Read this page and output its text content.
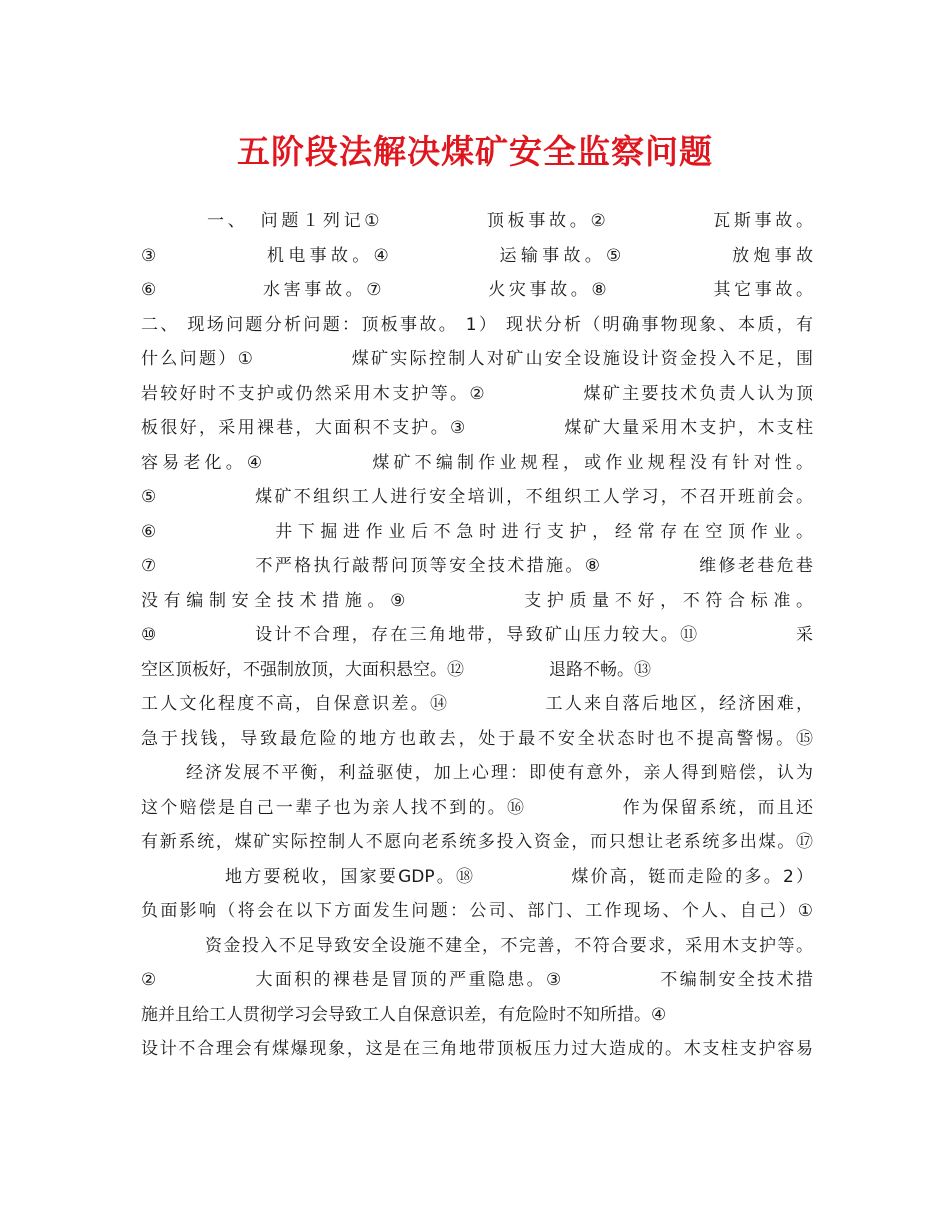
五阶段法解决煤矿安全监察问题
一、　问题１列记①　　　　　顶板事故。②　　　　　瓦斯事故。
③　　　　　机电事故。④　　　　　运输事故。⑤　　　　　放炮事故
⑥　　　　　水害事故。⑦　　　　　火灾事故。⑧　　　　　其它事故。
二、 现场问题分析问题：顶板事故。 1） 现状分析（明确事物现象、本质，有
什么问题）①　　　　　煤矿实际控制人对矿山安全设施设计资金投入不足，围
岩较好时不支护或仍然采用木支护等。②　　　　　煤矿主要技术负责人认为顶
板很好，采用裸巷，大面积不支护。③　　　　　煤矿大量采用木支护，木支柱
容易老化。④　　　　　煤矿不编制作业规程，或作业规程没有针对性。
⑤　　　　　煤矿不组织工人进行安全培训，不组织工人学习，不召开班前会。
⑥　　　　　井下掘进作业后不急时进行支护，经常存在空顶作业。
⑦　　　　　不严格执行敲帮问顶等安全技术措施。⑧　　　　　维修老巷危巷
没有编制安全技术措施。⑨　　　　　支护质量不好，不符合标准。
⑩　　　　　设计不合理，存在三角地带，导致矿山压力较大。⑪　　　　　采
空区顶板好，不强制放顶，大面积悬空。⑫　　　　　退路不畅。⑬
工人文化程度不高，自保意识差。⑭　　　　　工人来自落后地区，经济困难，
急于找钱，导致最危险的地方也敢去，处于最不安全状态时也不提高警惕。⑮
经济发展不平衡，利益驱使，加上心理：即使有意外，亲人得到赔偿，认为
这个赔偿是自己一辈子也为亲人找不到的。⑯　　　　　作为保留系统，而且还
有新系统，煤矿实际控制人不愿向老系统多投入资金，而只想让老系统多出煤。⑰
地方要税收，国家要GDP。⑱　　　　　煤价高，铤而走险的多。2）
负面影响（将会在以下方面发生问题：公司、部门、工作现场、个人、自己）①
资金投入不足导致安全设施不建全，不完善，不符合要求，采用木支护等。
②　　　　　大面积的裸巷是冒顶的严重隐患。③　　　　　不编制安全技术措
施并且给工人贯彻学习会导致工人自保意识差，有危险时不知所措。④
设计不合理会有煤爆现象，这是在三角地带顶板压力过大造成的。木支柱支护容易
